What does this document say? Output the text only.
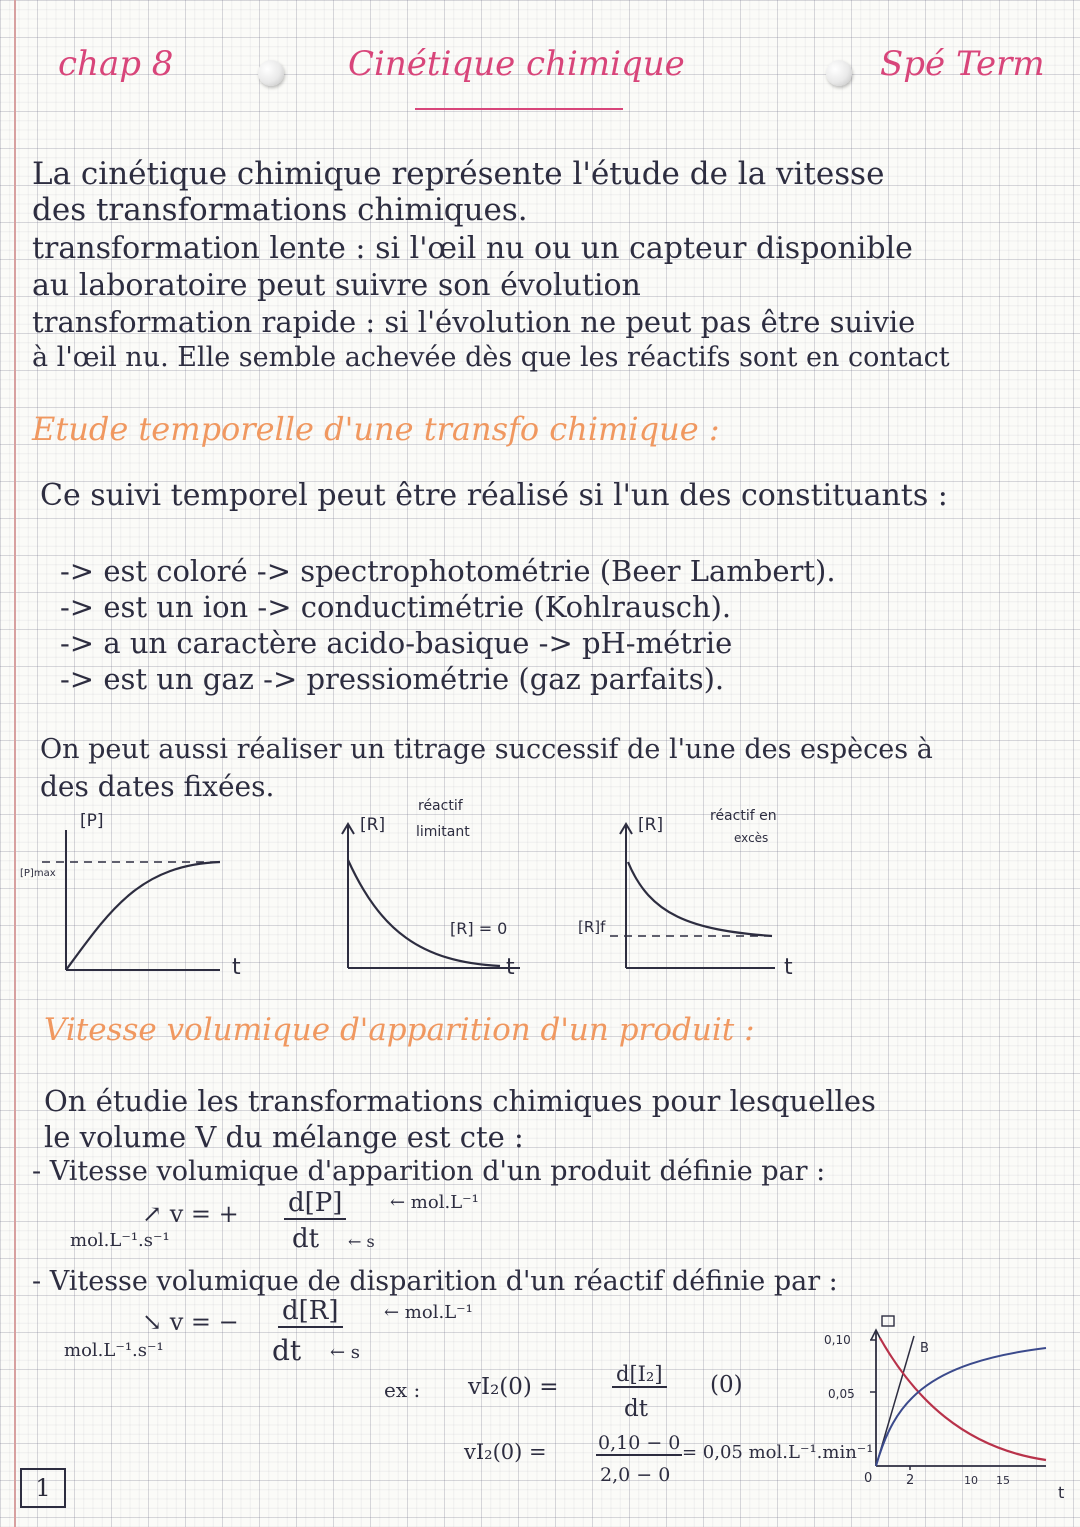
chap 8	Cinétique chimique	Spé Term
La cinétique chimique représente l'étude de la vitesse
des transformations chimiques.
transformation lente : si l'œil nu ou un capteur disponible
au laboratoire peut suivre son évolution
transformation rapide : si l'évolution ne peut pas être suivie
à l'œil nu. Elle semble achevée dès que les réactifs sont en contact
Etude temporelle d'une transfo chimique :
Ce suivi temporel peut être réalisé si l'un des constituants :
-> est coloré -> spectrophotométrie (Beer Lambert).
-> est un ion -> conductimétrie (Kohlrausch).
-> a un caractère acido-basique -> pH-métrie
-> est un gaz -> pressiométrie (gaz parfaits).
On peut aussi réaliser un titrage successif de l'une des espèces à
des dates fixées.
[P]
[P]max
t
[R]
réactif
limitant
[R] = 0
t
[R]	réactif en
excès
[R]f
t
Vitesse volumique d'apparition d'un produit :
On étudie les transformations chimiques pour lesquelles
le volume V du mélange est cte :
- Vitesse volumique d'apparition d'un produit définie par :
↗ v = + d[P]	← mol.L⁻¹
dt ← s
mol.L⁻¹.s⁻¹
- Vitesse volumique de disparition d'un réactif définie par :
↘ v = − d[R]	← mol.L⁻¹
dt ← s
mol.L⁻¹.s⁻¹
ex : vI₂(0) =	d[I₂]
dt
(0)
vI₂(0) =	0,10 − 0
2,0 − 0
= 0,05 mol.L⁻¹.min⁻¹
0,10
0,05
0	2	10 15
t
B
1
